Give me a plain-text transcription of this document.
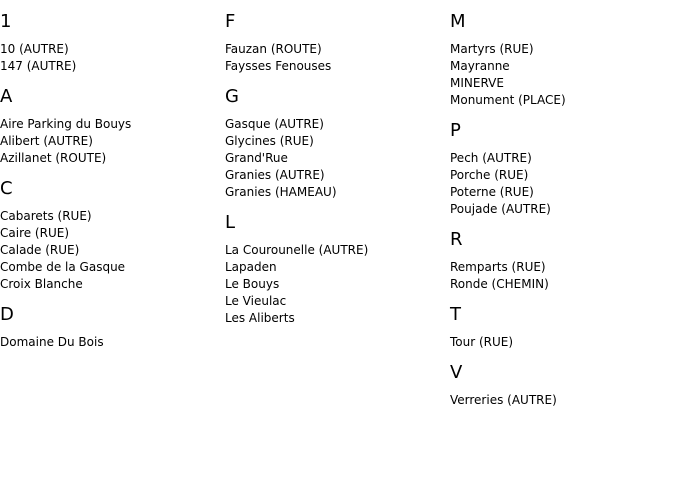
1
10 (AUTRE)
147 (AUTRE)
A
Aire Parking du Bouys
Alibert (AUTRE)
Azillanet (ROUTE)
C
Cabarets (RUE)
Caire (RUE)
Calade (RUE)
Combe de la Gasque
Croix Blanche
D
Domaine Du Bois
F
Fauzan (ROUTE)
Faysses Fenouses
G
Gasque (AUTRE)
Glycines (RUE)
Grand'Rue
Granies (AUTRE)
Granies (HAMEAU)
L
La Courounelle (AUTRE)
Lapaden
Le Bouys
Le Vieulac
Les Aliberts
M
Martyrs (RUE)
Mayranne
MINERVE
Monument (PLACE)
P
Pech (AUTRE)
Porche (RUE)
Poterne (RUE)
Poujade (AUTRE)
R
Remparts (RUE)
Ronde (CHEMIN)
T
Tour (RUE)
V
Verreries (AUTRE)
